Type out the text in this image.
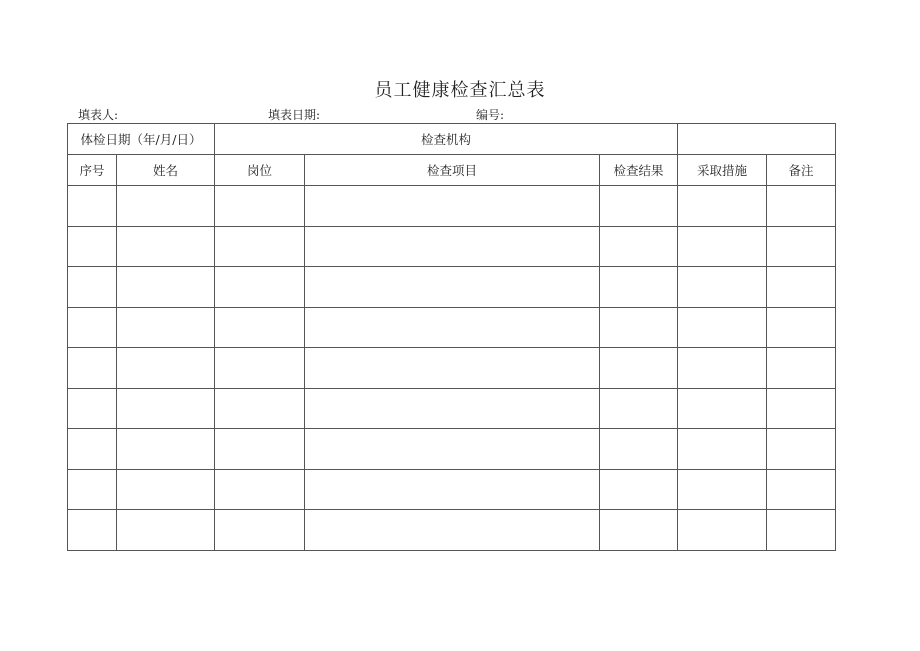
员工健康检查汇总表
填表人:	填表日期:	编号:
体检日期（年/月/日）		检查机构				
序号	姓名	岗位	检查项目	检查结果	采取措施	备注
